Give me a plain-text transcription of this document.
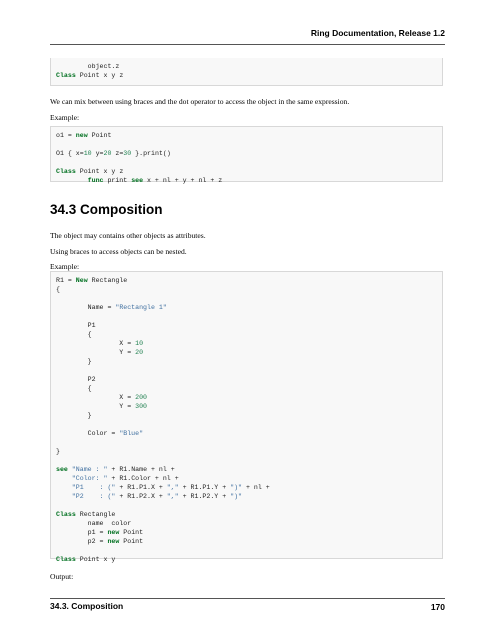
Ring Documentation, Release 1.2
object.z
Class Point x y z
We can mix between using braces and the dot operator to access the object in the same expression.
Example:
o1 = new Point

O1 { x=10 y=20 z=30 }.print()

Class Point x y z
func print see x + nl + y + nl + z
34.3 Composition
The object may contains other objects as attributes.
Using braces to access objects can be nested.
Example:
R1 = New Rectangle
{

Name = "Rectangle 1"

P1
{
X = 10
Y = 20
}

P2
{
X = 200
Y = 300
}

Color = "Blue"

}

see "Name : " + R1.Name + nl +
"Color: " + R1.Color + nl +
"P1    : (" + R1.P1.X + "," + R1.P1.Y + ")" + nl +
"P2    : (" + R1.P2.X + "," + R1.P2.Y + ")"

Class Rectangle
name  color
p1 = new Point
p2 = new Point

Class Point x y
Output:
34.3. Composition	170
